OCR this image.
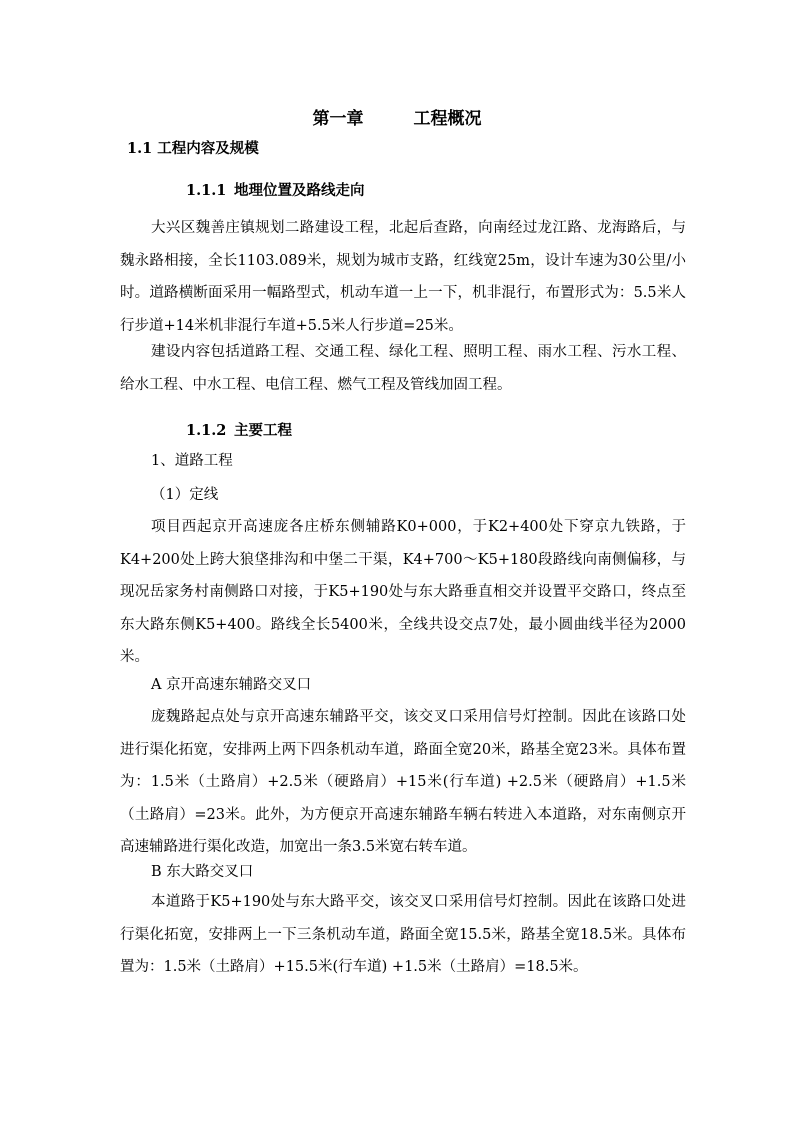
第一章	工程概况
1.1 工程内容及规模
1.1.1 地理位置及路线走向

大兴区魏善庄镇规划二路建设工程，北起后查路，向南经过龙江路、龙海路后，与魏永路相接，全长1103.089米，规划为城市支路，红线宽25m，设计车速为30公里/小时。道路横断面采用一幅路型式，机动车道一上一下，机非混行，布置形式为：5.5米人行步道+14米机非混行车道+5.5米人行步道=25米。

建设内容包括道路工程、交通工程、绿化工程、照明工程、雨水工程、污水工程、给水工程、中水工程、电信工程、燃气工程及管线加固工程。

1.1.2 主要工程
1、道路工程
（1）定线

项目西起京开高速庞各庄桥东侧辅路K0+000，于K2+400处下穿京九铁路，于K4+200处上跨大狼垡排沟和中堡二干渠，K4+700～K5+180段路线向南侧偏移，与现况岳家务村南侧路口对接，于K5+190处与东大路垂直相交并设置平交路口，终点至东大路东侧K5+400。路线全长5400米，全线共设交点7处，最小圆曲线半径为2000米。

A 京开高速东辅路交叉口

庞魏路起点处与京开高速东辅路平交，该交叉口采用信号灯控制。因此在该路口处进行渠化拓宽，安排两上两下四条机动车道，路面全宽20米，路基全宽23米。具体布置为：1.5米（土路肩）+2.5米（硬路肩）+15米(行车道) +2.5米（硬路肩）+1.5米（土路肩）=23米。此外，为方便京开高速东辅路车辆右转进入本道路，对东南侧京开高速辅路进行渠化改造，加宽出一条3.5米宽右转车道。

B 东大路交叉口

本道路于K5+190处与东大路平交，该交叉口采用信号灯控制。因此在该路口处进行渠化拓宽，安排两上一下三条机动车道，路面全宽15.5米，路基全宽18.5米。具体布置为：1.5米（土路肩）+15.5米(行车道) +1.5米（土路肩）=18.5米。
